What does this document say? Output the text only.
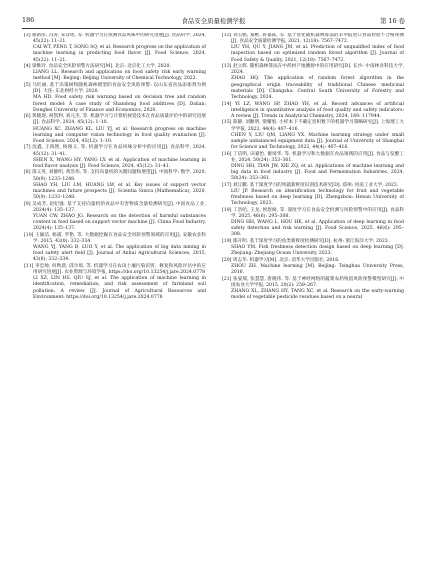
186	食品安全质量检测学报	第 16 卷
[3] 蔡新彤, 冯涛, 宋诗瑶, 等. 机器学习在预测食品风味中的研究进展[J]. 食品科学, 2024, 45(22): 11–21.
CAI WT, PENG T, SONG SQ, et al. Research progress on the application of machine learning in predicting food flavor [J]. Food Science, 2024, 45(22): 11–21.
[4] 梁唯玲. 食品安全风险预警方法研究[M]. 北京: 北京化工大学, 2020.
LIANG LL. Research and application on food safety risk early warning method [M]. Beijing: Beijing University of Chemical Technology, 2022.
[5] 马红丽. 基于决策树和随机森林模型的食品安全风险预警: 以山东省食品添加剂为例[D]. 大连: 东北财经大学, 2020.
MA HD. Food safety risk warning based on decision tree and random forest model: A case study of Shandong food additives [D]. Dalian: Dongbei University of Finance and Economics, 2020.
[6] 黄晓现, 祝凯利, 刘元杰, 等. 机器学习与计算机视觉技术在食品质量评价中的研究进展[J]. 食品科学, 2024, 45(12): 1–10.
HUANG XC, ZHANG KL, LIU YJ, et al. Research progress on machine learning and computer vision technology in food quality evaluation [J]. Food Science, 2024, 45(12): 1–10.
[7] 沈鑫, 王海艳, 杨俊义, 等. 机器学习在食品风味分析中的应用[J]. 食品科学, 2024, 45(12): 31–41.
SHEN X, WANG HY, YANG LY, et al. Application of machine learning in food flavor analysis [J]. Food Science, 2024, 45(12): 31–41.
[8] 邵义英, 刘静明, 黄浩伟, 等. 支持向量机的关键问题和展望[J]. 中国科学: 数学, 2020, 50(9): 1233–1248.
SHAO YH, LIU LM, HUANG LW, et al. Key issues of support vector machines and future prospects [J]. Scientia Sinica (Mathematica), 2020, 50(9): 1233–1248.
[9] 吴成芳, 赵纪强. 基于支持向量机的食品中有害物质含量检测研究[J]. 中国食品工业, 2024(4): 135–137.
YUAN CW, ZHAO JG. Research on the detection of harmful substances content in food based on support vector machine [J]. China Food Industry, 2024(4): 135–137.
[10] 王颖洁, 杨浦, 罗艳, 等. 大数据挖掘在食品安全风险预警领域的应用[J]. 安徽农业科学, 2015, 43(8): 332–334.
WANG YJ, YANG B, LUO Y, et al. The application of big data mining in food safety alert field [J]. Journal of Anhui Agricultural Sciences, 2015, 43(8): 332–334.
[11] 李忠帅, 何秋晨, 邱少璋, 等. 机器学习在农田土壤污染识别、修复和风险评估中的应用研究进展[J]. 农业资源与环境学报, https://doi.org/10.13254/j.jare.2024.0778
LI XZ, LIN HS, QIU SJ, et al. The application of machine learning in identification, remediation, and risk assessment of farmland soil pollution: A review [J]. Journal of Agricultural Resources and Environment: https://doi.org/10.13254/j.jare.2024.0778
[12] 刘玉帆, 桑彬, 蒋嘉荻, 等. 基于优化随机森林算法的未申报进口食品检验不合格预测[J]. 食品安全质量检测学报, 2021, 12(18): 7567–7472.
LIU YH, QU Y, JIANG JM, et al. Prediction of unqualified index of food inspection based on optimized random forest algorithm [J]. Journal of Food Safety & Quality, 2021, 12(18): 7567–7472.
[13] 赵立辉. 随机森林算法在中药材产地溯源中的应用研究[D]. 长沙: 中南林业科技大学, 2024.
ZHAO HQ. The application of random forest algorithm in the geographical origin traceability of traditional Chinese medicinal materials [D]. Changsha: Central South University of Forestry and Technology, 2024.
[14] YI LZ, WANG SP, ZHAO YH, et al. Recent advances of artificial intelligence in quantitative analysis of food quality and safety indicators: A review [J]. Trends in Analytical Chemistry, 2024, 180: 117944.
[15] 陈静, 刘勤明, 梁耀旭. 小样本下不确定容积数下的机器学习策略研究[J]. 上海理工大学学报, 2022, 44(4): 407–416.
CHEN Y, LIU QM, LIANG YX. Machine learning strategy under small sample unbalanced equipment data [J]. Journal of University of Shanghai for Science and Technology, 2022, 44(4): 407–416.
[16] 丁信明, 田嘉怡, 谢靖华, 等. 机器学习和大数据在食品领域的应用[J]. 食品与发酵工业, 2024, 50(24): 353–361.
DING HH, TIAN JW, XIE ZQ, et al. Applications of machine learning and big data in food industry [J]. Food and Fermentation Industries, 2024, 50(24): 353–361.
[17] 刘江鹏. 基于深度学习的果蔬新鲜度识别技术研究[D]. 郑州: 河南工业大学, 2023.
LIU JP. Research on identification technology for fruit and vegetable freshness based on deep learning [D]. Zhengzhou: Henan University of Technology, 2023.
[18] 丁浩哈, 王龙, 侯煜树, 等. 深度学习在食品安全检测与风险预警中的应用[J]. 食品科学, 2025, 46(6): 295–308.
DING HH, WANG L, HOU HK, et al. Application of deep learning in food safety detection and risk warning [J]. Food Science, 2025, 46(6): 295–308.
[19] 邵开明. 基于深度学习的鱼类新鲜度检测研究[D]. 杭州: 浙江海洋大学, 2023.
SHAO YM. Fish freshness detection design based on deep learning [D]. Zhejiang: Zhejiang Ocean University, 2023.
[20] 周志华. 机器学习[M]. 北京: 清华大学出版社, 2016.
ZHOU ZH. Machine learning [M]. Beijing: Tsinghua University Press, 2016.
[21] 张晏瑞, 张慧慧, 唐晓伟, 等. 基于神经网络的蔬菜农药残留风险预警模型研究[J]. 中国农业大学学报, 2015, 20(2): 259–267.
ZHANG XL, ZHANG HY, TANG XC, et al. Research on the early-warning model of vegetable pesticide residues based on a neural
